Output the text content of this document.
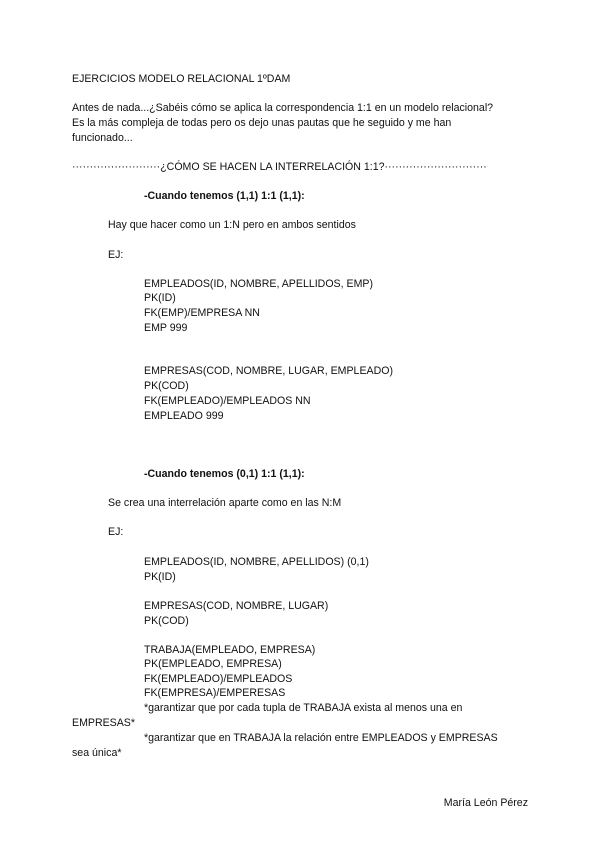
EJERCICIOS MODELO RELACIONAL 1ºDAM
Antes de nada...¿Sabéis cómo se aplica la correspondencia 1:1 en un modelo relacional?
Es la más compleja de todas pero os dejo unas pautas que he seguido y me han
funcionado...
·························¿CÓMO SE HACEN LA INTERRELACIÓN 1:1?·····························
-Cuando tenemos (1,1) 1:1 (1,1):
Hay que hacer como un 1:N pero en ambos sentidos
EJ:
EMPLEADOS(ID, NOMBRE, APELLIDOS, EMP)
PK(ID)
FK(EMP)/EMPRESA NN
EMP 999
EMPRESAS(COD, NOMBRE, LUGAR, EMPLEADO)
PK(COD)
FK(EMPLEADO)/EMPLEADOS NN
EMPLEADO 999
-Cuando tenemos (0,1) 1:1 (1,1):
Se crea una interrelación aparte como en las N:M
EJ:
EMPLEADOS(ID, NOMBRE, APELLIDOS) (0,1)
PK(ID)
EMPRESAS(COD, NOMBRE, LUGAR)
PK(COD)
TRABAJA(EMPLEADO, EMPRESA)
PK(EMPLEADO, EMPRESA)
FK(EMPLEADO)/EMPLEADOS
FK(EMPRESA)/EMPERESAS
*garantizar que por cada tupla de TRABAJA exista al menos una en
EMPRESAS*
*garantizar que en TRABAJA la relación entre EMPLEADOS y EMPRESAS
sea única*
María León Pérez
